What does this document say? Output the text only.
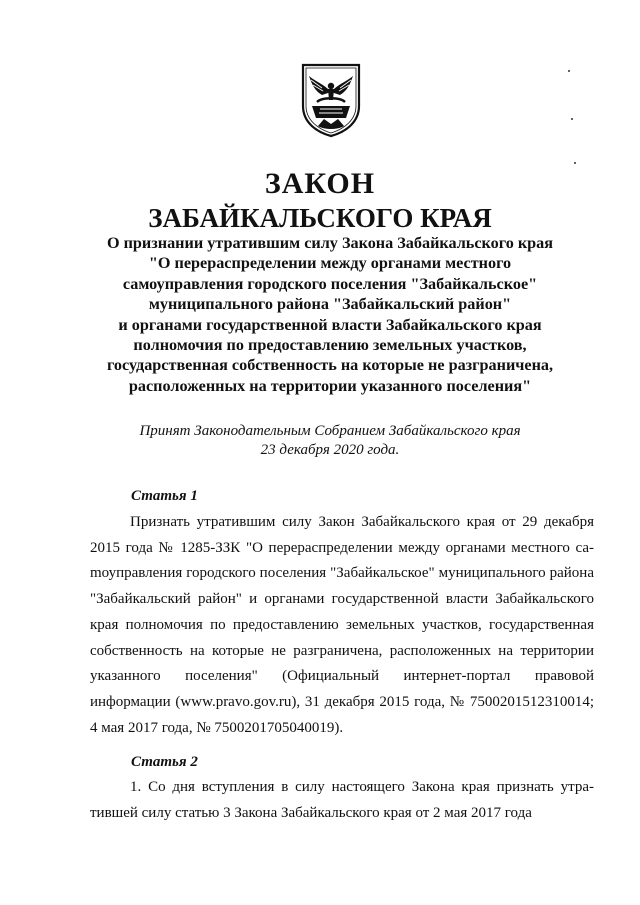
ЗАКОН
ЗАБАЙКАЛЬСКОГО КРАЯ
О признании утратившим силу Закона Забайкальского края
"О перераспределении между органами местного
самоуправления городского поселения "Забайкальское"
муниципального района "Забайкальский район"
и органами государственной власти Забайкальского края
полномочия по предоставлению земельных участков,
государственная собственность на которые не разграничена,
расположенных на территории указанного поселения"
Принят Законодательным Собранием Забайкальского края
23 декабря 2020 года.
Статья 1
Признать утратившим силу Закон Забайкальского края от 29 декабря 2015 года № 1285-ЗЗК "О перераспределении между органами местного саmоуправления городского поселения "Забайкальское" муниципального района "Забайкальский район" и органами государственной власти Забайкальского края полномочия по предоставлению земельных участков, государственная собственность на которые не разграничена, расположенных на территории указанного поселения" (Официальный интернет-портал правовой информации (www.pravo.gov.ru), 31 декабря 2015 года, № 7500201512310014; 4 мая 2017 года, № 7500201705040019).
Статья 2
1. Со дня вступления в силу настоящего Закона края признать утратившей силу статью 3 Закона Забайкальского края от 2 мая 2017 года
